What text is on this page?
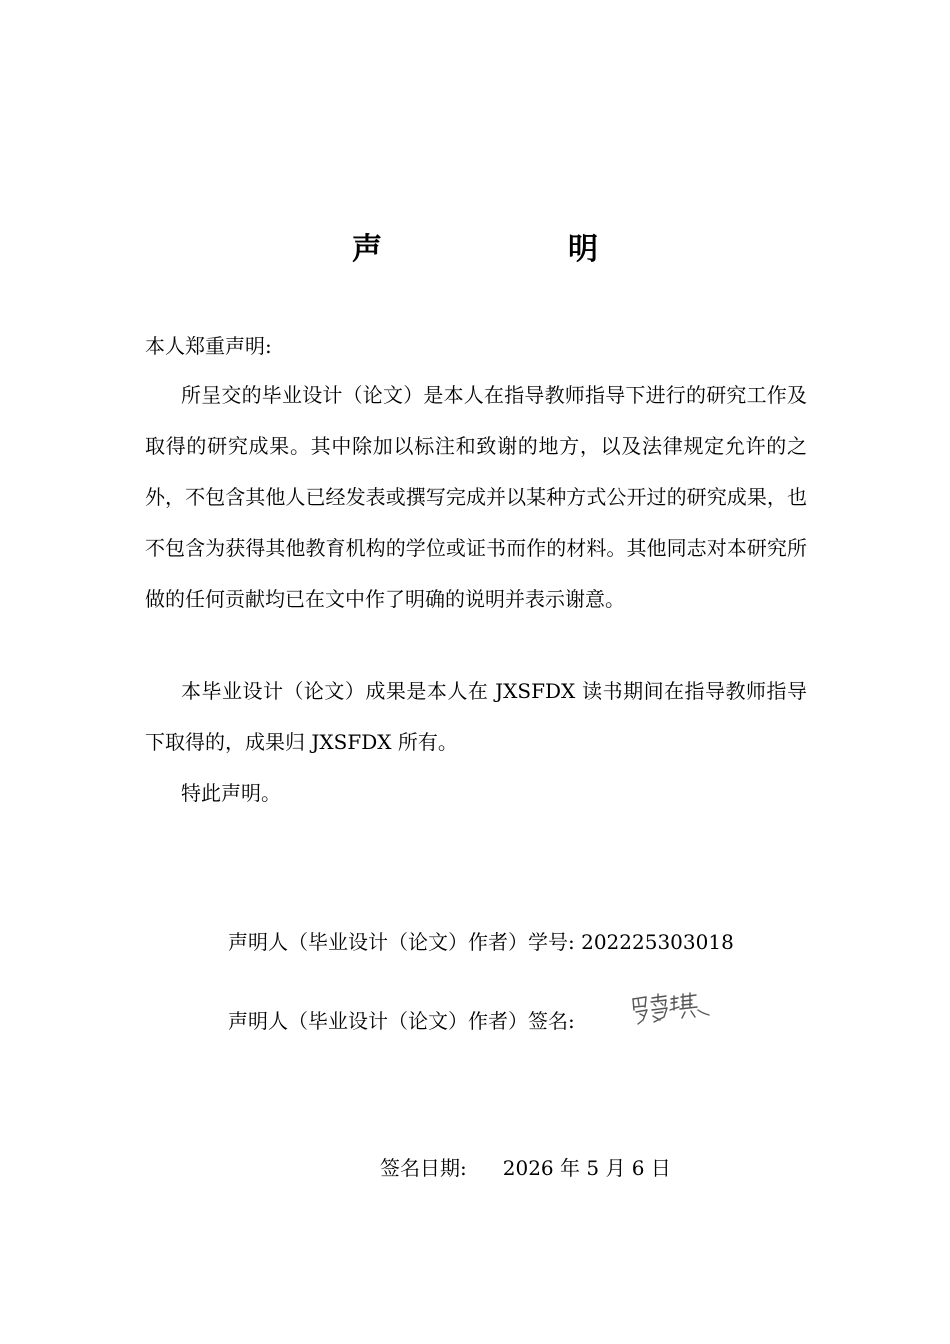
声　明
本人郑重声明:
所呈交的毕业设计（论文）是本人在指导教师指导下进行的研究工作及取得的研究成果。其中除加以标注和致谢的地方，以及法律规定允许的之外，不包含其他人已经发表或撰写完成并以某种方式公开过的研究成果，也不包含为获得其他教育机构的学位或证书而作的材料。其他同志对本研究所做的任何贡献均已在文中作了明确的说明并表示谢意。
本毕业设计（论文）成果是本人在 JXSFDX 读书期间在指导教师指导下取得的，成果归 JXSFDX 所有。
特此声明。
声明人（毕业设计（论文）作者）学号: 202225303018
声明人（毕业设计（论文）作者）签名:
签名日期: 2026 年 5 月 6 日
